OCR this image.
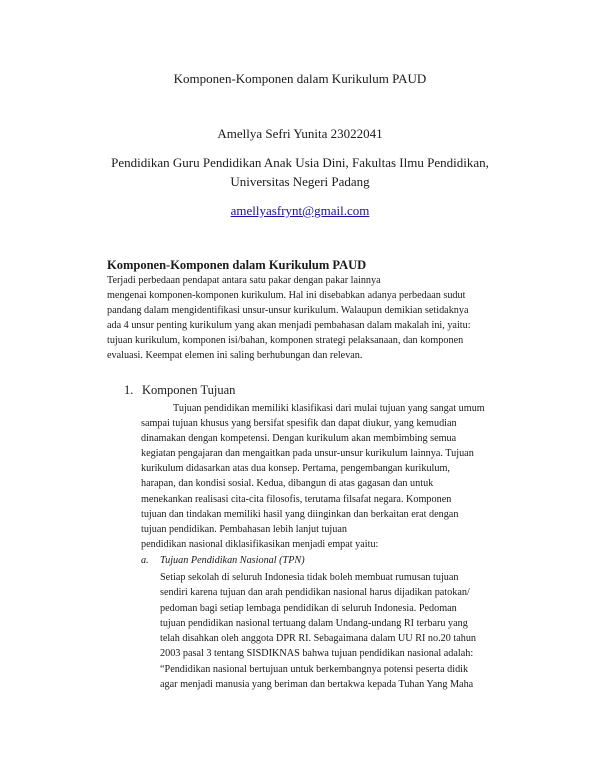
Komponen-Komponen dalam Kurikulum PAUD
Amellya Sefri Yunita 23022041
Pendidikan Guru Pendidikan Anak Usia Dini, Fakultas Ilmu Pendidikan,
Universitas Negeri Padang
amellyasfrynt@gmail.com
Komponen-Komponen dalam Kurikulum PAUD
Terjadi perbedaan pendapat antara satu pakar dengan pakar lainnya
mengenai komponen-komponen kurikulum. Hal ini disebabkan adanya perbedaan sudut
pandang dalam mengidentifikasi unsur-unsur kurikulum. Walaupun demikian setidaknya
ada 4 unsur penting kurikulum yang akan menjadi pembahasan dalam makalah ini, yaitu:
tujuan kurikulum, komponen isi/bahan, komponen strategi pelaksanaan, dan komponen
evaluasi. Keempat elemen ini saling berhubungan dan relevan.
1. Komponen Tujuan
Tujuan pendidikan memiliki klasifikasi dari mulai tujuan yang sangat umum
sampai tujuan khusus yang bersifat spesifik dan dapat diukur, yang kemudian
dinamakan dengan kompetensi. Dengan kurikulum akan membimbing semua
kegiatan pengajaran dan mengaitkan pada unsur-unsur kurikulum lainnya. Tujuan
kurikulum didasarkan atas dua konsep. Pertama, pengembangan kurikulum,
harapan, dan kondisi sosial. Kedua, dibangun di atas gagasan dan untuk
menekankan realisasi cita-cita filosofis, terutama filsafat negara. Komponen
tujuan dan tindakan memiliki hasil yang diinginkan dan berkaitan erat dengan
tujuan pendidikan. Pembahasan lebih lanjut tujuan
pendidikan nasional diklasifikasikan menjadi empat yaitu:
a. Tujuan Pendidikan Nasional (TPN)
Setiap sekolah di seluruh Indonesia tidak boleh membuat rumusan tujuan
sendiri karena tujuan dan arah pendidikan nasional harus dijadikan patokan/
pedoman bagi setiap lembaga pendidikan di seluruh Indonesia. Pedoman
tujuan pendidikan nasional tertuang dalam Undang-undang RI terbaru yang
telah disahkan oleh anggota DPR RI. Sebagaimana dalam UU RI no.20 tahun
2003 pasal 3 tentang SISDIKNAS bahwa tujuan pendidikan nasional adalah:
“Pendidikan nasional bertujuan untuk berkembangnya potensi peserta didik
agar menjadi manusia yang beriman dan bertakwa kepada Tuhan Yang Maha
